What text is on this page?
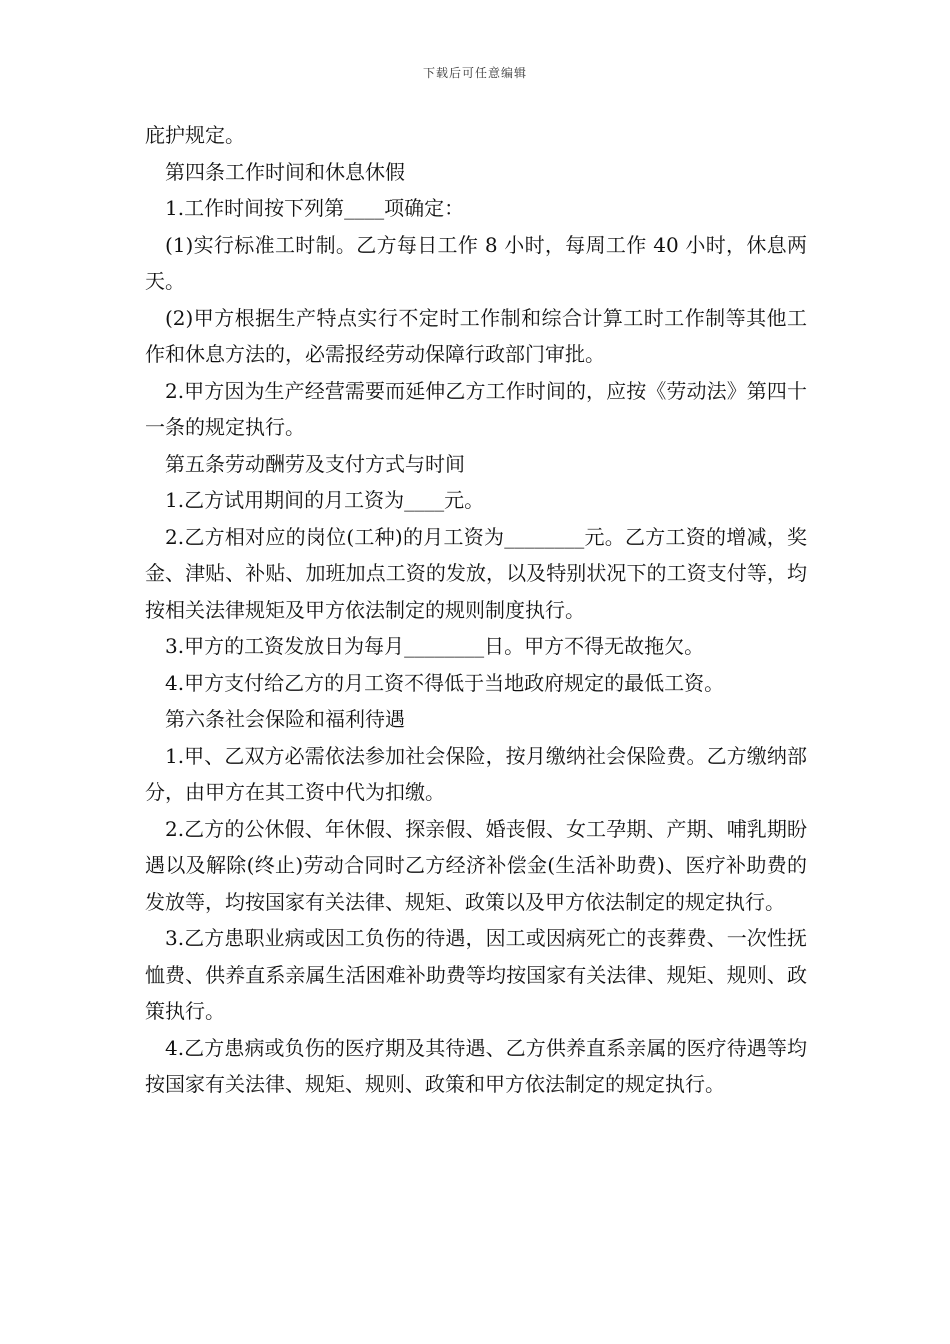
下载后可任意编辑

庇护规定。

第四条工作时间和休息休假

1.工作时间按下列第____项确定：

(1)实行标准工时制。乙方每日工作 8 小时，每周工作 40 小时，休息两天。

(2)甲方根据生产特点实行不定时工作制和综合计算工时工作制等其他工作和休息方法的，必需报经劳动保障行政部门审批。

2.甲方因为生产经营需要而延伸乙方工作时间的，应按《劳动法》第四十一条的规定执行。

第五条劳动酬劳及支付方式与时间

1.乙方试用期间的月工资为____元。

2.乙方相对应的岗位(工种)的月工资为________元。乙方工资的增减，奖金、津贴、补贴、加班加点工资的发放，以及特别状况下的工资支付等，均按相关法律规矩及甲方依法制定的规则制度执行。

3.甲方的工资发放日为每月________日。甲方不得无故拖欠。

4.甲方支付给乙方的月工资不得低于当地政府规定的最低工资。

第六条社会保险和福利待遇

1.甲、乙双方必需依法参加社会保险，按月缴纳社会保险费。乙方缴纳部分，由甲方在其工资中代为扣缴。

2.乙方的公休假、年休假、探亲假、婚丧假、女工孕期、产期、哺乳期盼遇以及解除(终止)劳动合同时乙方经济补偿金(生活补助费)、医疗补助费的发放等，均按国家有关法律、规矩、政策以及甲方依法制定的规定执行。

3.乙方患职业病或因工负伤的待遇，因工或因病死亡的丧葬费、一次性抚恤费、供养直系亲属生活困难补助费等均按国家有关法律、规矩、规则、政策执行。

4.乙方患病或负伤的医疗期及其待遇、乙方供养直系亲属的医疗待遇等均按国家有关法律、规矩、规则、政策和甲方依法制定的规定执行。
